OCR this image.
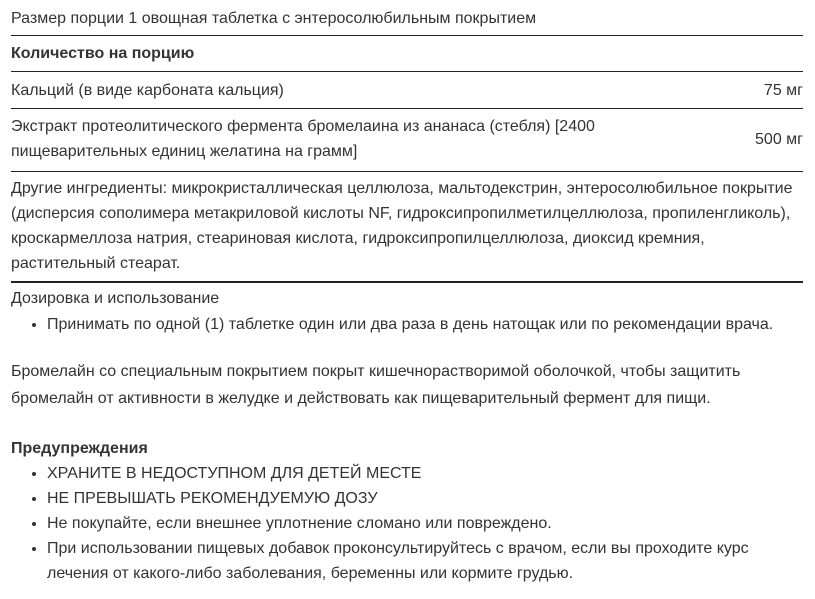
Размер порции 1 овощная таблетка с энтеросолюбильным покрытием
Количество на порцию
Кальций (в виде карбоната кальция)	75 мг
Экстракт протеолитического фермента бромелаина из ананаса (стебля) [2400 пищеварительных единиц желатина на грамм]
500 мг
Другие ингредиенты: микрокристаллическая целлюлоза, мальтодекстрин, энтеросолюбильное покрытие (дисперсия сополимера метакриловой кислоты NF, гидроксипропилметилцеллюлоза, пропиленгликоль), кроскармеллоза натрия, стеариновая кислота, гидроксипропилцеллюлоза, диоксид кремния, растительный стеарат.
Дозировка и использование
• Принимать по одной (1) таблетке один или два раза в день натощак или по рекомендации врача.
Бромелайн со специальным покрытием покрыт кишечнорастворимой оболочкой, чтобы защитить бромелайн от активности в желудке и действовать как пищеварительный фермент для пищи.
Предупреждения
• ХРАНИТЕ В НЕДОСТУПНОМ ДЛЯ ДЕТЕЙ МЕСТЕ
• НЕ ПРЕВЫШАТЬ РЕКОМЕНДУЕМУЮ ДОЗУ
• Не покупайте, если внешнее уплотнение сломано или повреждено.
• При использовании пищевых добавок проконсультируйтесь с врачом, если вы проходите курс лечения от какого-либо заболевания, беременны или кормите грудью.
